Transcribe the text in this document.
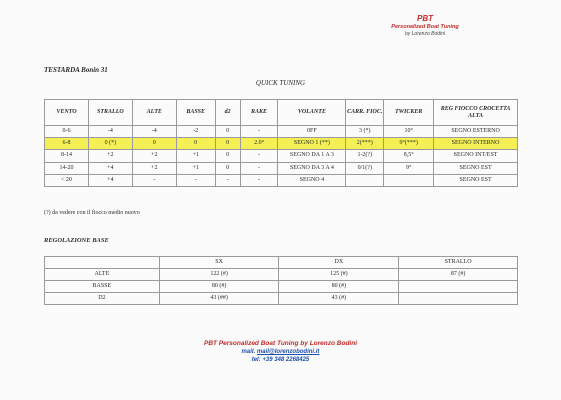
PBT
Personalized Boat Tuning
by Lorenzo Bodini
TESTARDA Bonin 31
QUICK TUNING
VENTO	STRALLO	ALTE	BASSE	d2	RAKE	VOLANTE	CARR. FIOC.	TWICKER	REG FIOCCO CROCETTA ALTA
0-6	-4	-4	-2	0	-	0FF	3 (*)	10°	SEGNO ESTERNO
6-8	0 (*)	0	0	0	2.0°	SEGNO 1 (**)	2(***)	9°(***)	SEGNO INTERNO
8-14	+2	+2	+1	0	-	SEGNO DA 1 A 3	1-2(?)	8,5°	SEGNO INT/EST
14-20	+4	+2	+1	0	-	SEGNO DA 3 A 4	0/1(?)	9°	SEGNO EST
< 20	+4	-	-	-	-	SEGNO 4			SEGNO EST
(?) da vedere con il fiocco medio nuovo
REGOLAZIONE BASE
	SX	DX	STRALLO
ALTE	122 (#)	125 (#)	87 (#)
BASSE	80 (#)	80 (#)	
D2	43 (##)	43 (#)	
PBT Personalized Boat Tuning by Lorenzo Bodini
mail. mail@lorenzobodini.it
tel: +39 348 2268425
